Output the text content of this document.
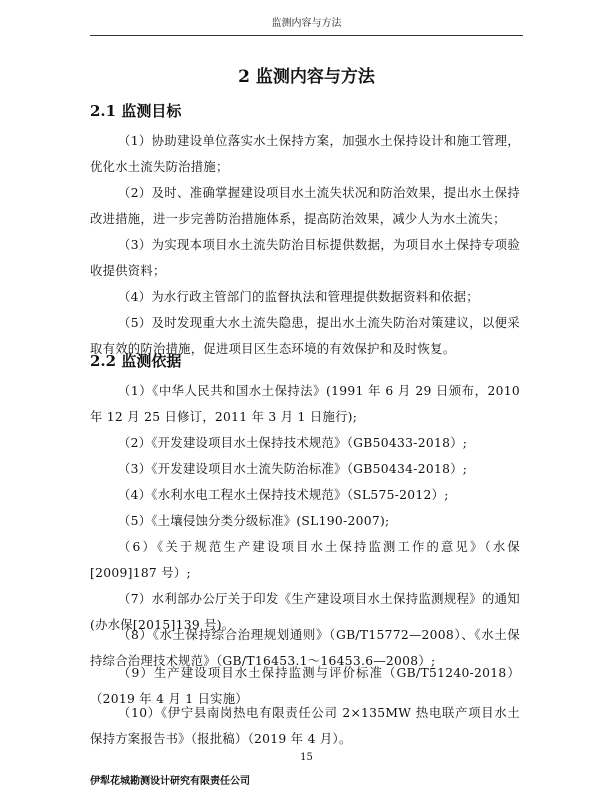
监测内容与方法
2 监测内容与方法
2.1 监测目标
（1）协助建设单位落实水土保持方案，加强水土保持设计和施工管理，优化水土流失防治措施；
（2）及时、准确掌握建设项目水土流失状况和防治效果，提出水土保持改进措施，进一步完善防治措施体系，提高防治效果，减少人为水土流失；
（3）为实现本项目水土流失防治目标提供数据，为项目水土保持专项验收提供资料；
（4）为水行政主管部门的监督执法和管理提供数据资料和依据；
（5）及时发现重大水土流失隐患，提出水土流失防治对策建议，以便采取有效的防治措施，促进项目区生态环境的有效保护和及时恢复。
2.2 监测依据
（1）《中华人民共和国水土保持法》(1991 年 6 月 29 日颁布，2010 年 12 月 25 日修订，2011 年 3 月 1 日施行);
（2）《开发建设项目水土保持技术规范》（GB50433-2018）;
（3）《开发建设项目水土流失防治标准》（GB50434-2018）;
（4）《水利水电工程水土保持技术规范》（SL575-2012）;
（5）《土壤侵蚀分类分级标准》(SL190-2007);
（6）《关于规范生产建设项目水土保持监测工作的意见》（水保[2009]187 号）;
（7）水利部办公厅关于印发《生产建设项目水土保持监测规程》的通知(办水保[2015]139 号)。
（8）《水土保持综合治理规划通则》（GB/T15772—2008）、《水土保持综合治理技术规范》（GB/T16453.1～16453.6—2008）;
（9）生产建设项目水土保持监测与评价标准（GB/T51240-2018）（2019 年 4 月 1 日实施）
（10）《伊宁县南岗热电有限责任公司 2×135MW 热电联产项目水土保持方案报告书》（报批稿）（2019 年 4 月）。
15
伊犁花城勘测设计研究有限责任公司
